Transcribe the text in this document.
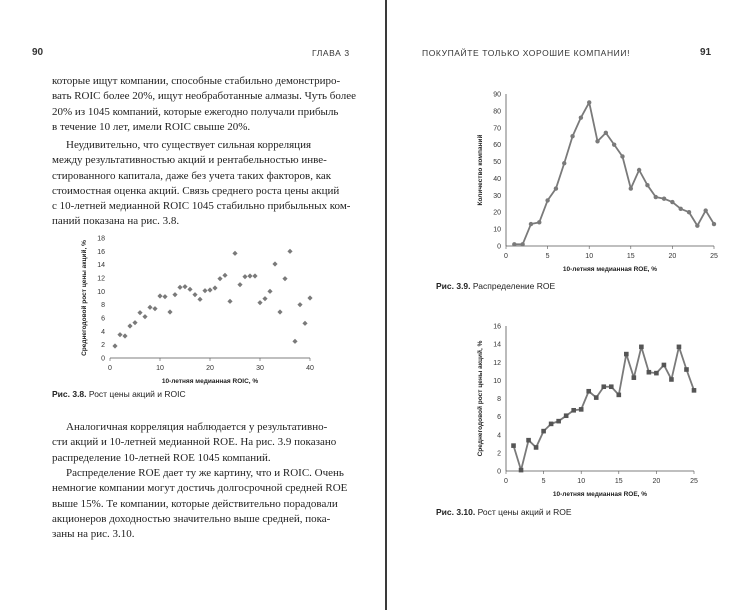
90	ГЛАВА 3
которые ищут компании, способные стабильно демонстриро-
вать ROIC более 20%, ищут необработанные алмазы. Чуть более
20% из 1045 компаний, которые ежегодно получали прибыль
в течение 10 лет, имели ROIC свыше 20%.
Неудивительно, что существует сильная корреляция
между результативностью акций и рентабельностью инве-
стированного капитала, даже без учета таких факторов, как
стоимостная оценка акций. Связь среднего роста цены акций
с 10-летней медианной ROIC 1045 стабильно прибыльных ком-
паний показана на рис. 3.8.
0
2
4
6
8
10
12
14
16
18
0	10	20	30	40
10-летняя медианная ROIC, %
Среднегодовой рост цены акций, %
Рис. 3.8. Рост цены акций и ROIC
Аналогичная корреляция наблюдается у результативно-
сти акций и 10-летней медианной ROE. На рис. 3.9 показано
распределение 10-летней ROE 1045 компаний.
Распределение ROE дает ту же картину, что и ROIC. Очень
немногие компании могут достичь долгосрочной средней ROE
выше 15%. Те компании, которые действительно порадовали
акционеров доходностью значительно выше средней, пока-
заны на рис. 3.10.
ПОКУПАЙТЕ ТОЛЬКО ХОРОШИЕ КОМПАНИИ!	91
0
10
20
30
40
50
60
70
80
90
0	5	10	15	20	25
10-летняя медианная ROE, %
Количество компаний
Рис. 3.9. Распределение ROE
0
2
4
6
8
10
12
14
16
0	5	10	15	20	25
10-летняя медианная ROE, %
Среднегодовой рост цены акций, %
Рис. 3.10. Рост цены акций и ROE
